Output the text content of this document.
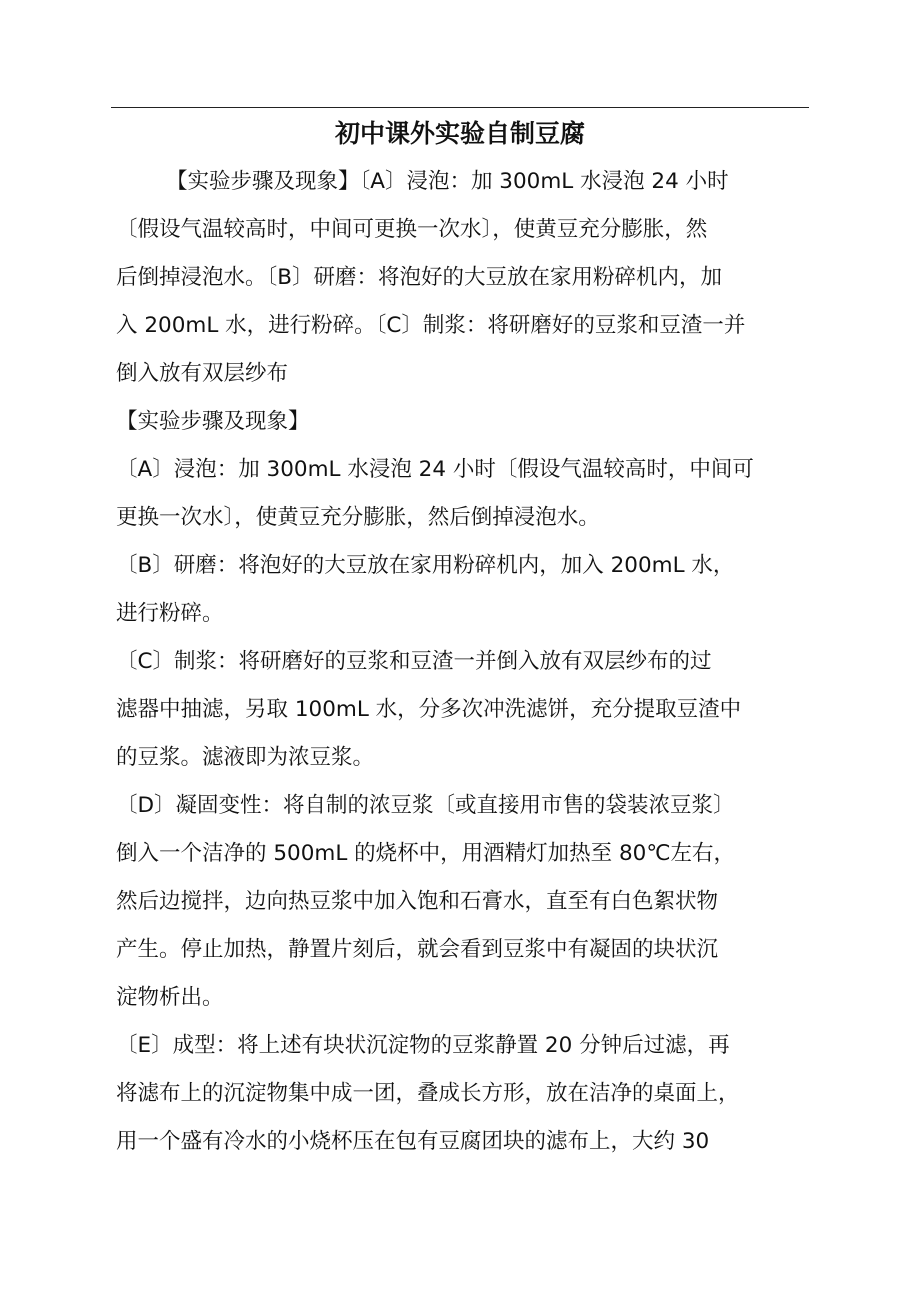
初中课外实验自制豆腐
【实验步骤及现象】〔A〕浸泡：加 300mL 水浸泡 24 小时
〔假设气温较高时，中间可更换一次水〕，使黄豆充分膨胀，然
后倒掉浸泡水。〔B〕研磨：将泡好的大豆放在家用粉碎机内，加
入 200mL 水，进行粉碎。〔C〕制浆：将研磨好的豆浆和豆渣一并
倒入放有双层纱布
【实验步骤及现象】
〔A〕浸泡：加 300mL 水浸泡 24 小时〔假设气温较高时，中间可
更换一次水〕，使黄豆充分膨胀，然后倒掉浸泡水。
〔B〕研磨：将泡好的大豆放在家用粉碎机内，加入 200mL 水，
进行粉碎。
〔C〕制浆：将研磨好的豆浆和豆渣一并倒入放有双层纱布的过
滤器中抽滤，另取 100mL 水，分多次冲洗滤饼，充分提取豆渣中
的豆浆。滤液即为浓豆浆。
〔D〕凝固变性：将自制的浓豆浆〔或直接用市售的袋装浓豆浆〕
倒入一个洁净的 500mL 的烧杯中，用酒精灯加热至 80℃左右，
然后边搅拌，边向热豆浆中加入饱和石膏水，直至有白色絮状物
产生。停止加热，静置片刻后，就会看到豆浆中有凝固的块状沉
淀物析出。
〔E〕成型：将上述有块状沉淀物的豆浆静置 20 分钟后过滤，再
将滤布上的沉淀物集中成一团，叠成长方形，放在洁净的桌面上，
用一个盛有冷水的小烧杯压在包有豆腐团块的滤布上，大约 30
